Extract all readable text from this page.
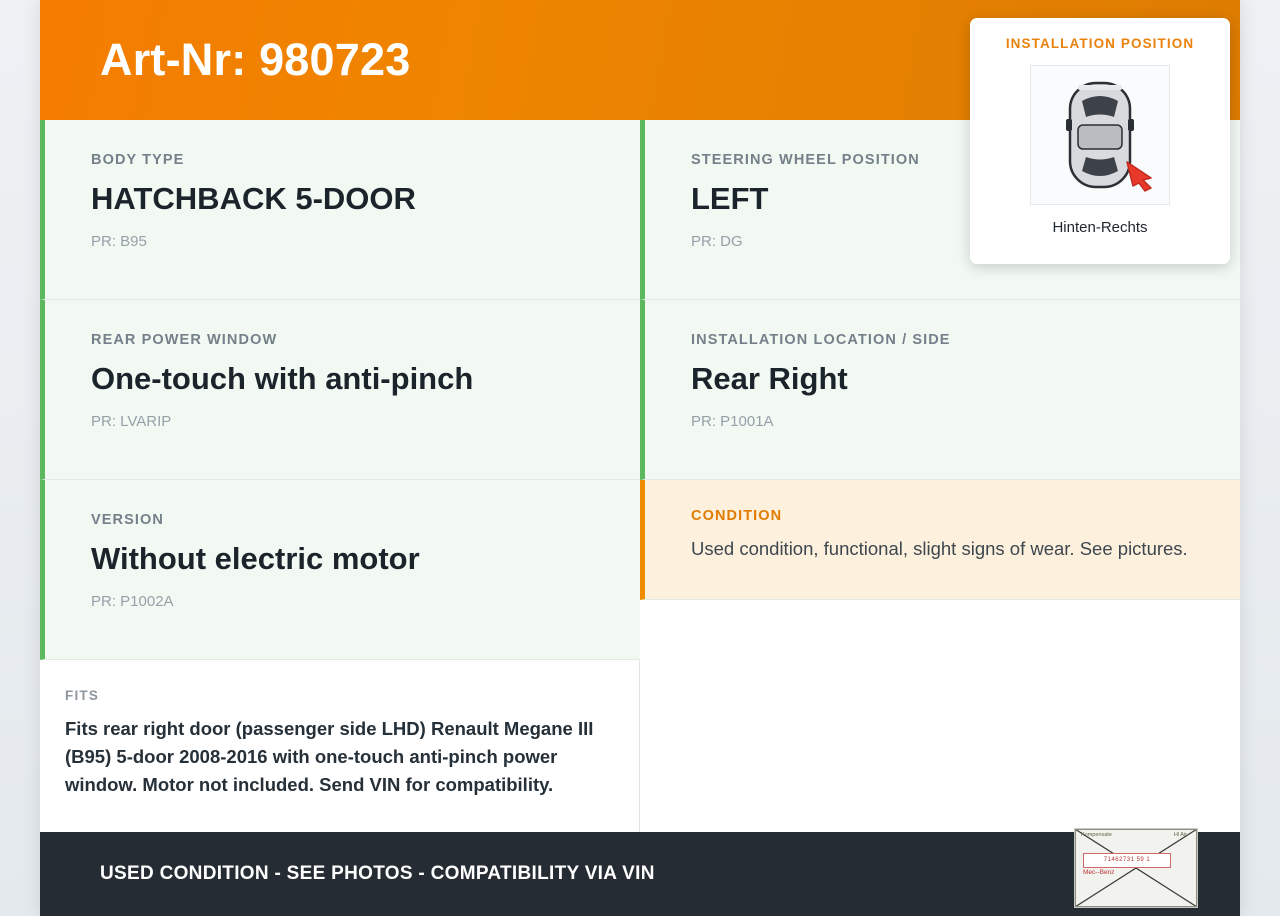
Art-Nr: 980723
BODY TYPE
HATCHBACK 5-DOOR
PR: B95
STEERING WHEEL POSITION
LEFT
PR: DG
REAR POWER WINDOW
One-touch with anti-pinch
PR: LVARIP
INSTALLATION LOCATION / SIDE
Rear Right
PR: P1001A
VERSION
Without electric motor
PR: P1002A
CONDITION
Used condition, functional, slight signs of wear. See pictures.
FITS
Fits rear right door (passenger side LHD) Renault Megane III (B95) 5-door 2008-2016 with one-touch anti-pinch power window. Motor not included. Send VIN for compatibility.
INSTALLATION POSITION
Hinten-Rechts
USED CONDITION - SEE PHOTOS - COMPATIBILITY VIA VIN
Kompensate	Hl Air
71462731 59 1
Mec--Benz
